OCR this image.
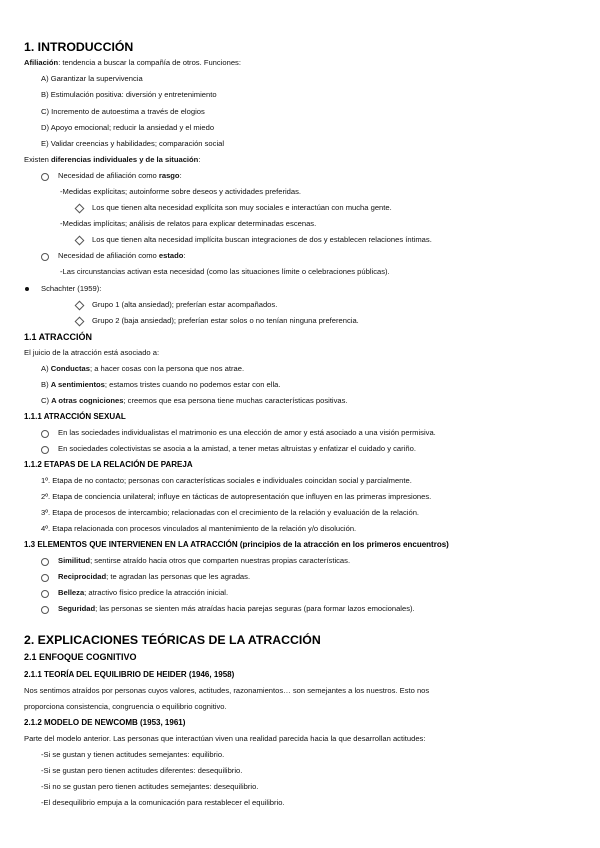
1. INTRODUCCIÓN
Afiliación: tendencia a buscar la compañía de otros. Funciones:
A) Garantizar la supervivencia
B) Estimulación positiva: diversión y entretenimiento
C) Incremento de autoestima a través de elogios
D) Apoyo emocional; reducir la ansiedad y el miedo
E) Validar creencias y habilidades; comparación social
Existen diferencias individuales y de la situación:
Necesidad de afiliación como rasgo:
-Medidas explícitas; autoinforme sobre deseos y actividades preferidas.
Los que tienen alta necesidad explícita son muy sociales e interactúan con mucha gente.
-Medidas implícitas; análisis de relatos para explicar determinadas escenas.
Los que tienen alta necesidad implícita buscan integraciones de dos y establecen relaciones íntimas.
Necesidad de afiliación como estado:
-Las circunstancias activan esta necesidad (como las situaciones límite o celebraciones públicas).
Schachter (1959):
Grupo 1 (alta ansiedad); preferían estar acompañados.
Grupo 2 (baja ansiedad); preferían estar solos o no tenían ninguna preferencia.
1.1 ATRACCIÓN
El juicio de la atracción está asociado a:
A) Conductas; a hacer cosas con la persona que nos atrae.
B) A sentimientos; estamos tristes cuando no podemos estar con ella.
C) A otras cogniciones; creemos que esa persona tiene muchas características positivas.
1.1.1 ATRACCIÓN SEXUAL
En las sociedades individualistas el matrimonio es una elección de amor y está asociado a una visión permisiva.
En sociedades colectivistas se asocia a la amistad, a tener metas altruistas y enfatizar el cuidado y cariño.
1.1.2 ETAPAS DE LA RELACIÓN DE PAREJA
1º. Etapa de no contacto; personas con características sociales e individuales coincidan social y parcialmente.
2º. Etapa de conciencia unilateral; influye en tácticas de autopresentación que influyen en las primeras impresiones.
3º. Etapa de procesos de intercambio; relacionadas con el crecimiento de la relación y evaluación de la relación.
4º. Etapa relacionada con procesos vinculados al mantenimiento de la relación y/o disolución.
1.3 ELEMENTOS QUE INTERVIENEN EN LA ATRACCIÓN (principios de la atracción en los primeros encuentros)
Similitud; sentirse atraído hacia otros que comparten nuestras propias características.
Reciprocidad; te agradan las personas que les agradas.
Belleza; atractivo físico predice la atracción inicial.
Seguridad; las personas se sienten más atraídas hacia parejas seguras (para formar lazos emocionales).
2. EXPLICACIONES TEÓRICAS DE LA ATRACCIÓN
2.1 ENFOQUE COGNITIVO
2.1.1 TEORÍA DEL EQUILIBRIO DE HEIDER (1946, 1958)
Nos sentimos atraídos por personas cuyos valores, actitudes, razonamientos… son semejantes a los nuestros. Esto nos
proporciona consistencia, congruencia o equilibrio cognitivo.
2.1.2 MODELO DE NEWCOMB (1953, 1961)
Parte del modelo anterior. Las personas que interactúan viven una realidad parecida hacia la que desarrollan actitudes:
-Si se gustan y tienen actitudes semejantes: equilibrio.
-Si se gustan pero tienen actitudes diferentes: desequilibrio.
-Si no se gustan pero tienen actitudes semejantes: desequilibrio.
-El desequilibrio empuja a la comunicación para restablecer el equilibrio.
